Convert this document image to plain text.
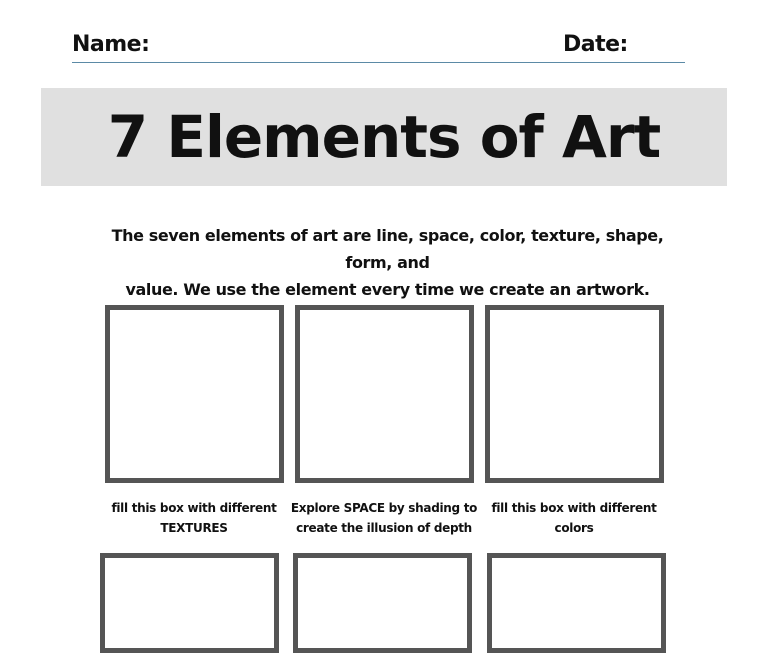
Name:	Date:
7 Elements of Art
The seven elements of art are line, space, color, texture, shape, form, and
value. We use the element every time we create an artwork.
fill this box with different
TEXTURES
Explore SPACE by shading to
create the illusion of depth
fill this box with different
colors
